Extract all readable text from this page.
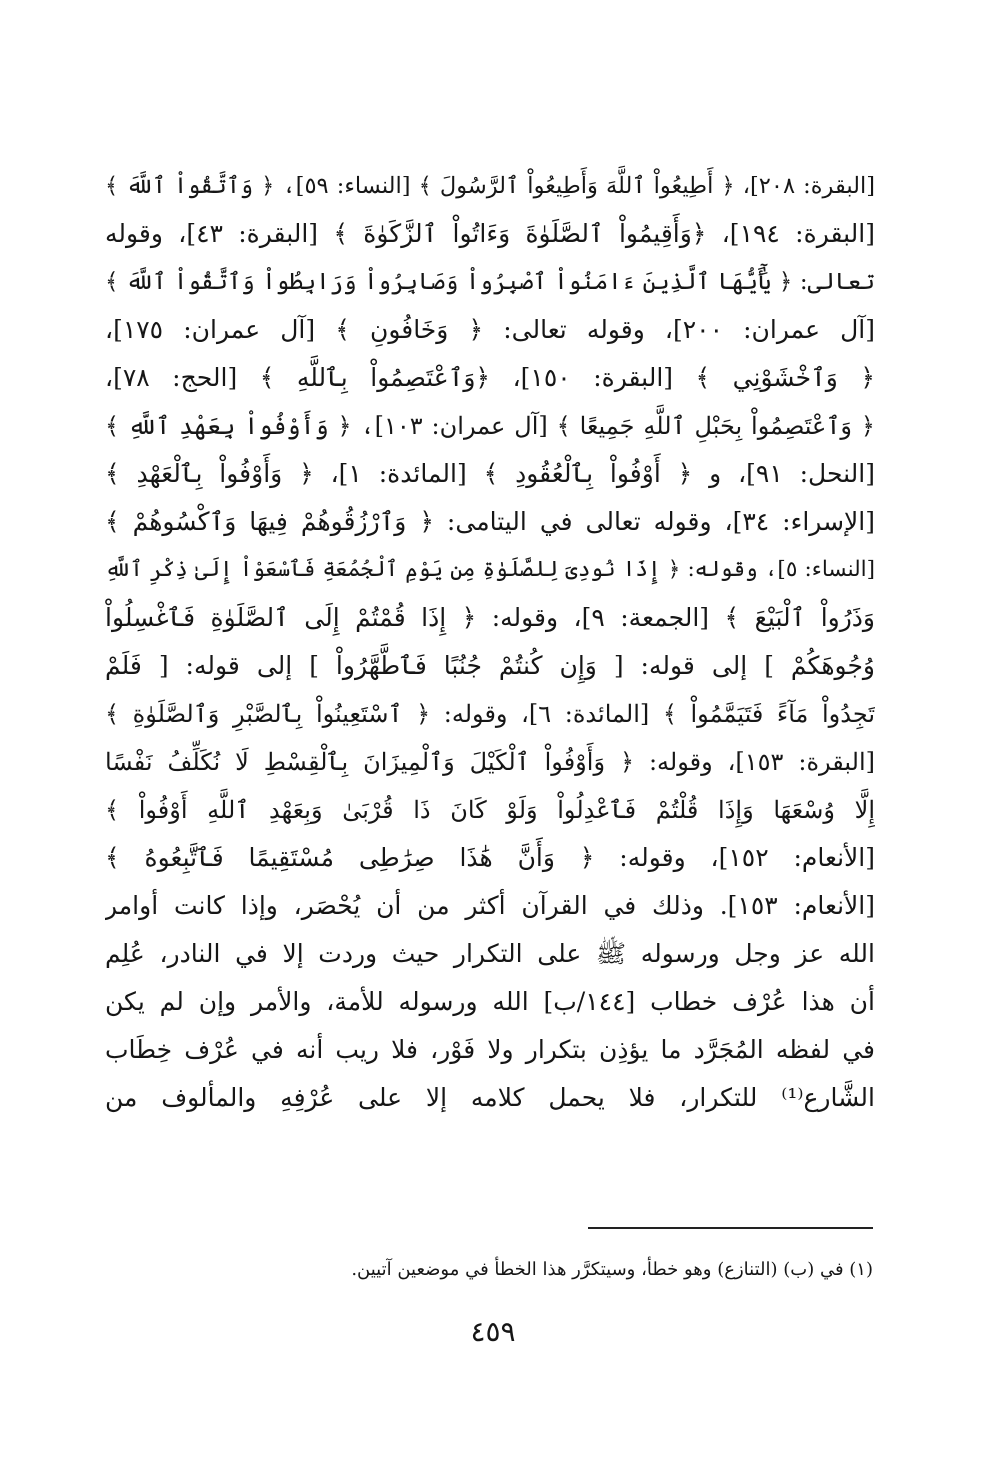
[البقرة: ٢٠٨]، ﴿ أَطِيعُواْ ٱللَّهَ وَأَطِيعُواْ ٱلرَّسُولَ ﴾ [النساء: ٥٩]، ﴿ وَٱتَّقُواْ ٱللَّهَ ﴾
[البقرة: ١٩٤]، ﴿وَأَقِيمُواْ ٱلصَّلَوٰةَ وَءَاتُواْ ٱلزَّكَوٰةَ ﴾ [البقرة: ٤٣]، وقوله
تعالى: ﴿ يَٰٓأَيُّهَا ٱلَّذِينَ ءَامَنُواْ ٱصْبِرُواْ وَصَابِرُواْ وَرَابِطُواْ وَٱتَّقُواْ ٱللَّهَ ﴾
[آل عمران: ٢٠٠]، وقوله تعالى: ﴿ وَخَافُونِ ﴾ [آل عمران: ١٧٥]،
﴿ وَٱخْشَوْنِي ﴾ [البقرة: ١٥٠]، ﴿وَٱعْتَصِمُواْ بِٱللَّهِ ﴾ [الحج: ٧٨]،
﴿ وَٱعْتَصِمُواْ بِحَبْلِ ٱللَّهِ جَمِيعًا ﴾ [آل عمران: ١٠٣]، ﴿ وَأَوْفُواْ بِعَهْدِ ٱللَّهِ ﴾
[النحل: ٩١]، و ﴿ أَوْفُواْ بِٱلْعُقُودِ ﴾ [المائدة: ١]، ﴿ وَأَوْفُواْ بِٱلْعَهْدِ ﴾
[الإسراء: ٣٤]، وقوله تعالى في اليتامى: ﴿ وَٱرْزُقُوهُمْ فِيهَا وَٱكْسُوهُمْ ﴾
[النساء: ٥]، وقوله: ﴿ إِذَا نُودِىَ لِلصَّلَوٰةِ مِن يَوْمِ ٱلْجُمُعَةِ فَٱسْعَوْاْ إِلَىٰ ذِكْرِ ٱللَّهِ
وَذَرُواْ ٱلْبَيْعَ ﴾ [الجمعة: ٩]، وقوله: ﴿ إِذَا قُمْتُمْ إِلَى ٱلصَّلَوٰةِ فَٱغْسِلُواْ
وُجُوهَكُمْ ] إلى قوله: [ وَإِن كُنتُمْ جُنُبًا فَٱطَّهَّرُواْ ] إلى قوله: [ فَلَمْ
تَجِدُواْ مَآءً فَتَيَمَّمُواْ ﴾ [المائدة: ٦]، وقوله: ﴿ ٱسْتَعِينُواْ بِٱلصَّبْرِ وَٱلصَّلَوٰةِ ﴾
[البقرة: ١٥٣]، وقوله: ﴿ وَأَوْفُواْ ٱلْكَيْلَ وَٱلْمِيزَانَ بِٱلْقِسْطِ لَا نُكَلِّفُ نَفْسًا
إِلَّا وُسْعَهَا وَإِذَا قُلْتُمْ فَٱعْدِلُواْ وَلَوْ كَانَ ذَا قُرْبَىٰ وَبِعَهْدِ ٱللَّهِ أَوْفُواْ ﴾
[الأنعام: ١٥٢]، وقوله: ﴿ وَأَنَّ هَٰذَا صِرَٰطِى مُسْتَقِيمًا فَٱتَّبِعُوهُ ﴾
[الأنعام: ١٥٣]. وذلك في القرآن أكثر من أن يُحْصَر، وإذا كانت أوامر
الله عز وجل ورسوله ﷺ على التكرار حيث وردت إلا في النادر، عُلِم
أن هذا عُرْف خطاب [١٤٤/ب] الله ورسوله للأمة، والأمر وإن لم يكن
في لفظه المُجَرَّد ما يؤذِن بتكرار ولا فَوْر، فلا ريب أنه في عُرْف خِطَاب
الشَّارع⁽¹⁾ للتكرار، فلا يحمل كلامه إلا على عُرْفِهِ والمألوف من
(١) في (ب) (التنازع) وهو خطأ، وسيتكرَّر هذا الخطأ في موضعين آتيين.
٤٥٩
